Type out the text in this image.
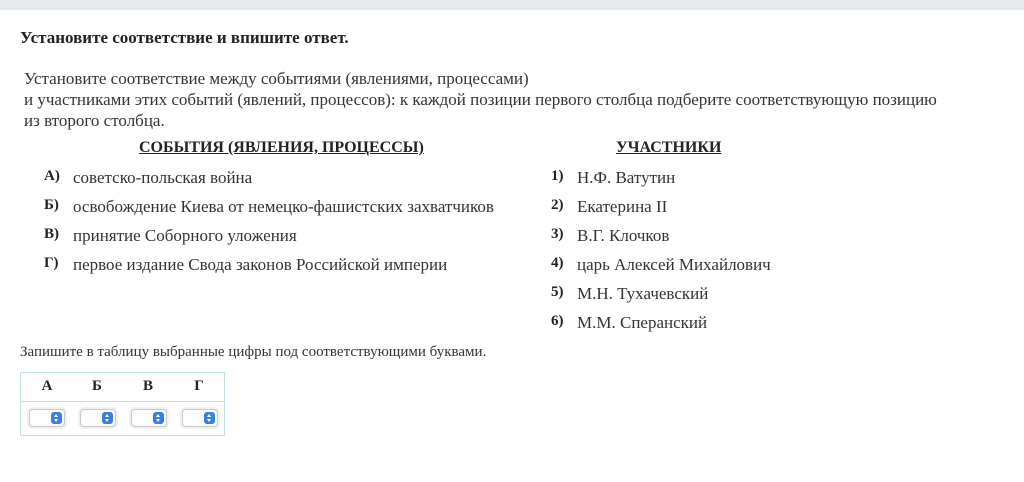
Установите соответствие и впишите ответ.
Установите соответствие между событиями (явлениями, процессами)
и участниками этих событий (явлений, процессов): к каждой позиции первого столбца подберите соответствующую позицию
из второго столбца.
СОБЫТИЯ (ЯВЛЕНИЯ, ПРОЦЕССЫ)	УЧАСТНИКИ
А) советско-польская война
Б) освобождение Киева от немецко-фашистских захватчиков
В) принятие Соборного уложения
Г) первое издание Свода законов Российской империи
1) Н.Ф. Ватутин
2) Екатерина II
3) В.Г. Клочков
4) царь Алексей Михайлович
5) М.Н. Тухачевский
6) М.М. Сперанский
Запишите в таблицу выбранные цифры под соответствующими буквами.
А	Б	В	Г
